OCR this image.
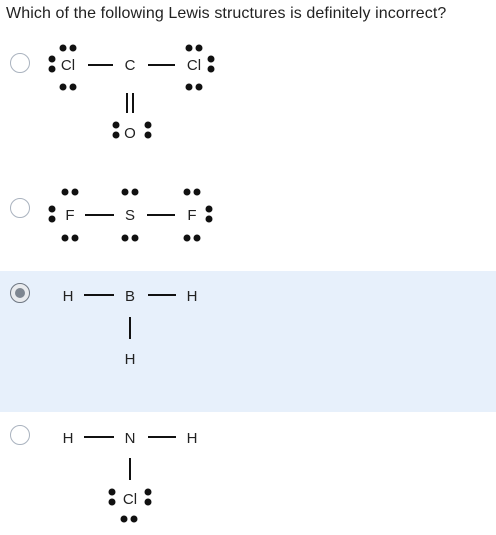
Which of the following Lewis structures is definitely incorrect?
Cl	C	Cl
O
F	S	F
H	B	H
H
H	N	H
Cl
